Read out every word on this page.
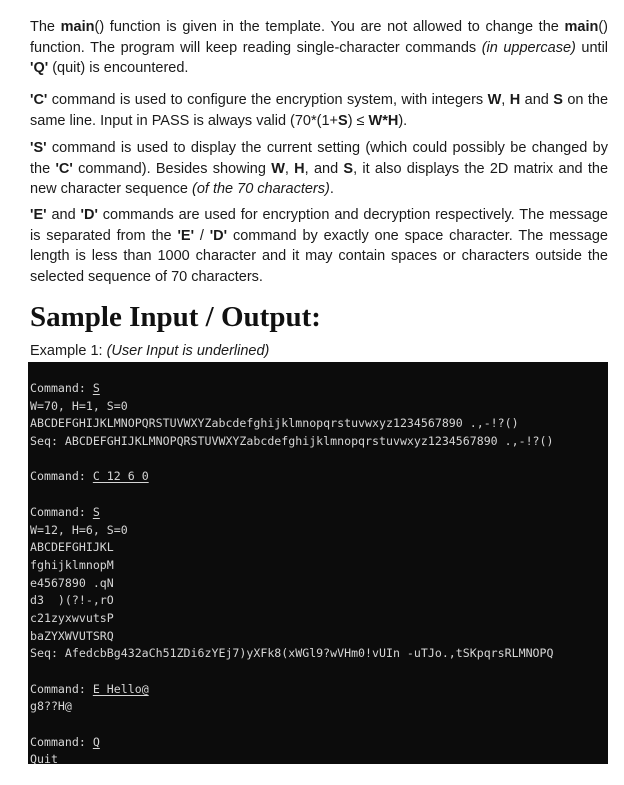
The main() function is given in the template. You are not allowed to change the main() function. The program will keep reading single-character commands (in uppercase) until 'Q' (quit) is encountered.

'C' command is used to configure the encryption system, with integers W, H and S on the same line. Input in PASS is always valid (70*(1+S) ≤ W*H).

'S' command is used to display the current setting (which could possibly be changed by the 'C' command). Besides showing W, H, and S, it also displays the 2D matrix and the new character sequence (of the 70 characters).

'E' and 'D' commands are used for encryption and decryption respectively. The message is separated from the 'E' / 'D' command by exactly one space character. The message length is less than 1000 character and it may contain spaces or characters outside the selected sequence of 70 characters.

Sample Input / Output:

Example 1: (User Input is underlined)

Command: S
W=70, H=1, S=0
ABCDEFGHIJKLMNOPQRSTUVWXYZabcdefghijklmnopqrstuvwxyz1234567890 .,-!?()
Seq: ABCDEFGHIJKLMNOPQRSTUVWXYZabcdefghijklmnopqrstuvwxyz1234567890 .,-!?()
Command: C 12 6 0
Command: S
W=12, H=6, S=0
ABCDEFGHIJKL
fghijklmnopM
e4567890 .qN
d3  )(?!-,rO
c21zyxwvutsP
baZYXWVUTSRQ
Seq: AfedcbBg432aCh51ZDi6zYEj7)yXFk8(xWGl9?wVHm0!vUIn -uTJo.,tSKpqrsRLMNOPQ
Command: E Hello@
g8??H@
Command: Q
Quit
